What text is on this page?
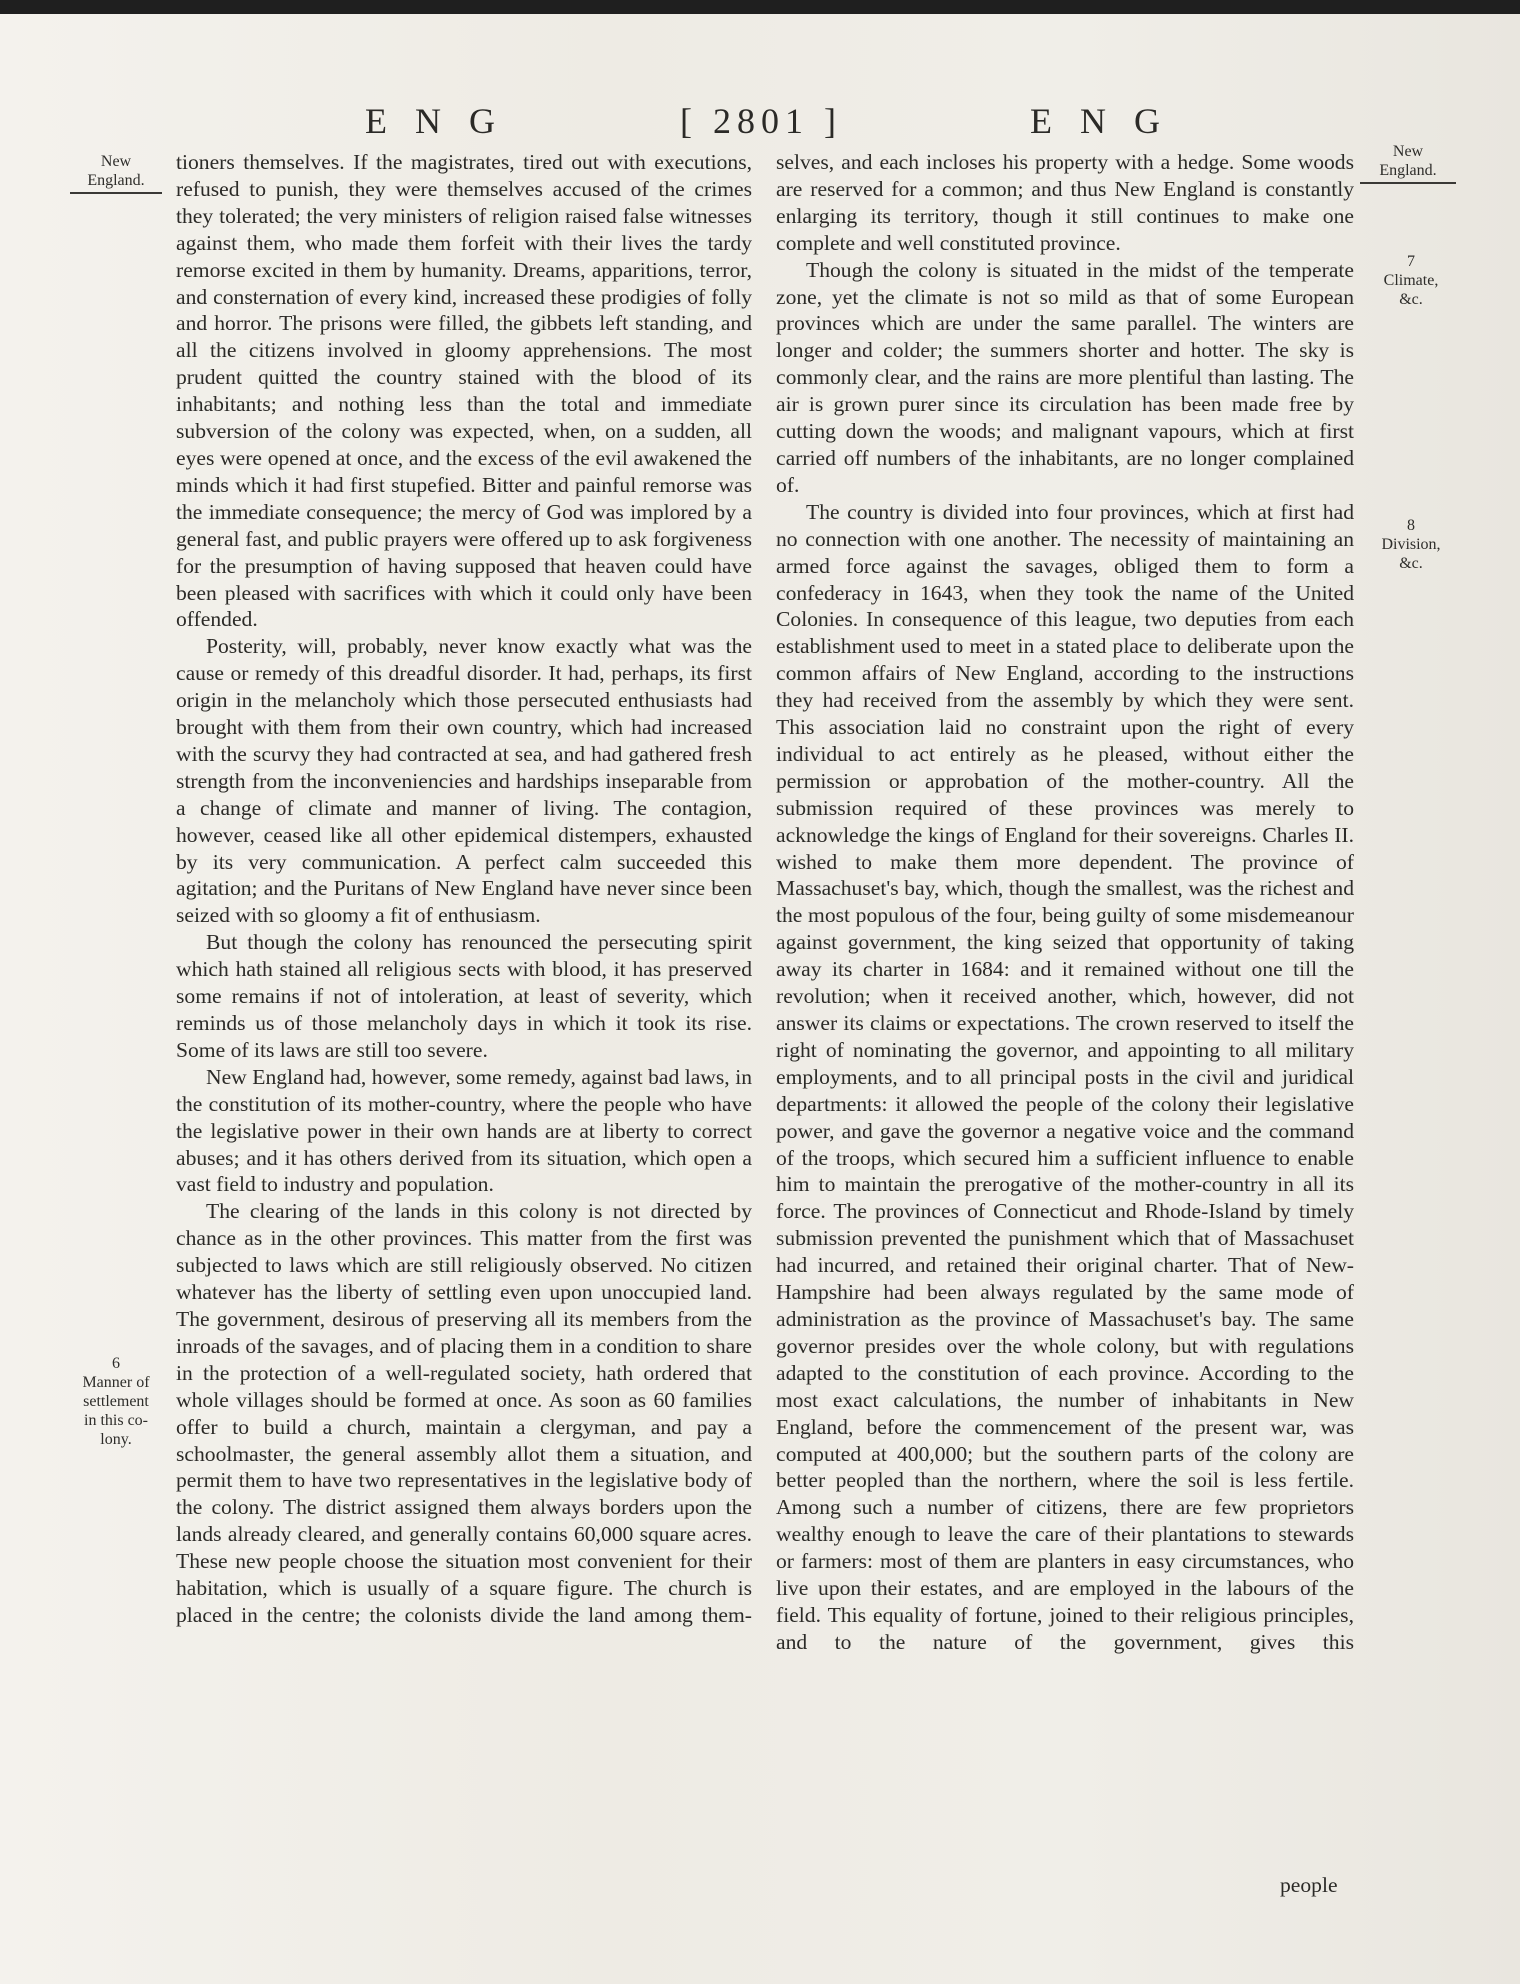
ENG	[ 2801 ]	ENG
New
England.
New
England.
7
Climate,
&c.
8
Division,
&c.
6
Manner of
settlement
in this co-
lony.

tioners themselves. If the magistrates, tired out with executions, refused to punish, they were themselves accused of the crimes they tolerated; the very ministers of religion raised false witnesses against them, who made them forfeit with their lives the tardy remorse excited in them by humanity. Dreams, apparitions, terror, and consternation of every kind, increased these prodigies of folly and horror. The prisons were filled, the gibbets left standing, and all the citizens involved in gloomy apprehensions. The most prudent quitted the country stained with the blood of its inhabitants; and nothing less than the total and immediate subversion of the colony was expected, when, on a sudden, all eyes were opened at once, and the excess of the evil awakened the minds which it had first stupefied. Bitter and painful remorse was the immediate consequence; the mercy of God was implored by a general fast, and public prayers were offered up to ask forgiveness for the presumption of having supposed that heaven could have been pleased with sacrifices with which it could only have been offended.

Posterity, will, probably, never know exactly what was the cause or remedy of this dreadful disorder. It had, perhaps, its first origin in the melancholy which those persecuted enthusiasts had brought with them from their own country, which had increased with the scurvy they had contracted at sea, and had gathered fresh strength from the inconveniencies and hardships inseparable from a change of climate and manner of living. The contagion, however, ceased like all other epidemical distempers, exhausted by its very communication. A perfect calm succeeded this agitation; and the Puritans of New England have never since been seized with so gloomy a fit of enthusiasm.

But though the colony has renounced the persecuting spirit which hath stained all religious sects with blood, it has preserved some remains if not of intoleration, at least of severity, which reminds us of those melancholy days in which it took its rise. Some of its laws are still too severe.

New England had, however, some remedy, against bad laws, in the constitution of its mother-country, where the people who have the legislative power in their own hands are at liberty to correct abuses; and it has others derived from its situation, which open a vast field to industry and population.

The clearing of the lands in this colony is not directed by chance as in the other provinces. This matter from the first was subjected to laws which are still religiously observed. No citizen whatever has the liberty of settling even upon unoccupied land. The government, desirous of preserving all its members from the inroads of the savages, and of placing them in a condition to share in the protection of a well-regulated society, hath ordered that whole villages should be formed at once. As soon as 60 families offer to build a church, maintain a clergyman, and pay a schoolmaster, the general assembly allot them a situation, and permit them to have two representatives in the legislative body of the colony. The district assigned them always borders upon the lands already cleared, and generally contains 60,000 square acres. These new people choose the situation most convenient for their habitation, which is usually of a square figure. The church is placed in the centre; the colonists divide the land among them-

selves, and each incloses his property with a hedge. Some woods are reserved for a common; and thus New England is constantly enlarging its territory, though it still continues to make one complete and well constituted province.

Though the colony is situated in the midst of the temperate zone, yet the climate is not so mild as that of some European provinces which are under the same parallel. The winters are longer and colder; the summers shorter and hotter. The sky is commonly clear, and the rains are more plentiful than lasting. The air is grown purer since its circulation has been made free by cutting down the woods; and malignant vapours, which at first carried off numbers of the inhabitants, are no longer complained of.

The country is divided into four provinces, which at first had no connection with one another. The necessity of maintaining an armed force against the savages, obliged them to form a confederacy in 1643, when they took the name of the United Colonies. In consequence of this league, two deputies from each establishment used to meet in a stated place to deliberate upon the common affairs of New England, according to the instructions they had received from the assembly by which they were sent. This association laid no constraint upon the right of every individual to act entirely as he pleased, without either the permission or approbation of the mother-country. All the submission required of these provinces was merely to acknowledge the kings of England for their sovereigns. Charles II. wished to make them more dependent. The province of Massachuset's bay, which, though the smallest, was the richest and the most populous of the four, being guilty of some misdemeanour against government, the king seized that opportunity of taking away its charter in 1684: and it remained without one till the revolution; when it received another, which, however, did not answer its claims or expectations. The crown reserved to itself the right of nominating the governor, and appointing to all military employments, and to all principal posts in the civil and juridical departments: it allowed the people of the colony their legislative power, and gave the governor a negative voice and the command of the troops, which secured him a sufficient influence to enable him to maintain the prerogative of the mother-country in all its force. The provinces of Connecticut and Rhode-Island by timely submission prevented the punishment which that of Massachuset had incurred, and retained their original charter. That of New-Hampshire had been always regulated by the same mode of administration as the province of Massachuset's bay. The same governor presides over the whole colony, but with regulations adapted to the constitution of each province. According to the most exact calculations, the number of inhabitants in New England, before the commencement of the present war, was computed at 400,000; but the southern parts of the colony are better peopled than the northern, where the soil is less fertile. Among such a number of citizens, there are few proprietors wealthy enough to leave the care of their plantations to stewards or farmers: most of them are planters in easy circumstances, who live upon their estates, and are employed in the labours of the field. This equality of fortune, joined to their religious principles, and to the nature of the government, gives this

people
